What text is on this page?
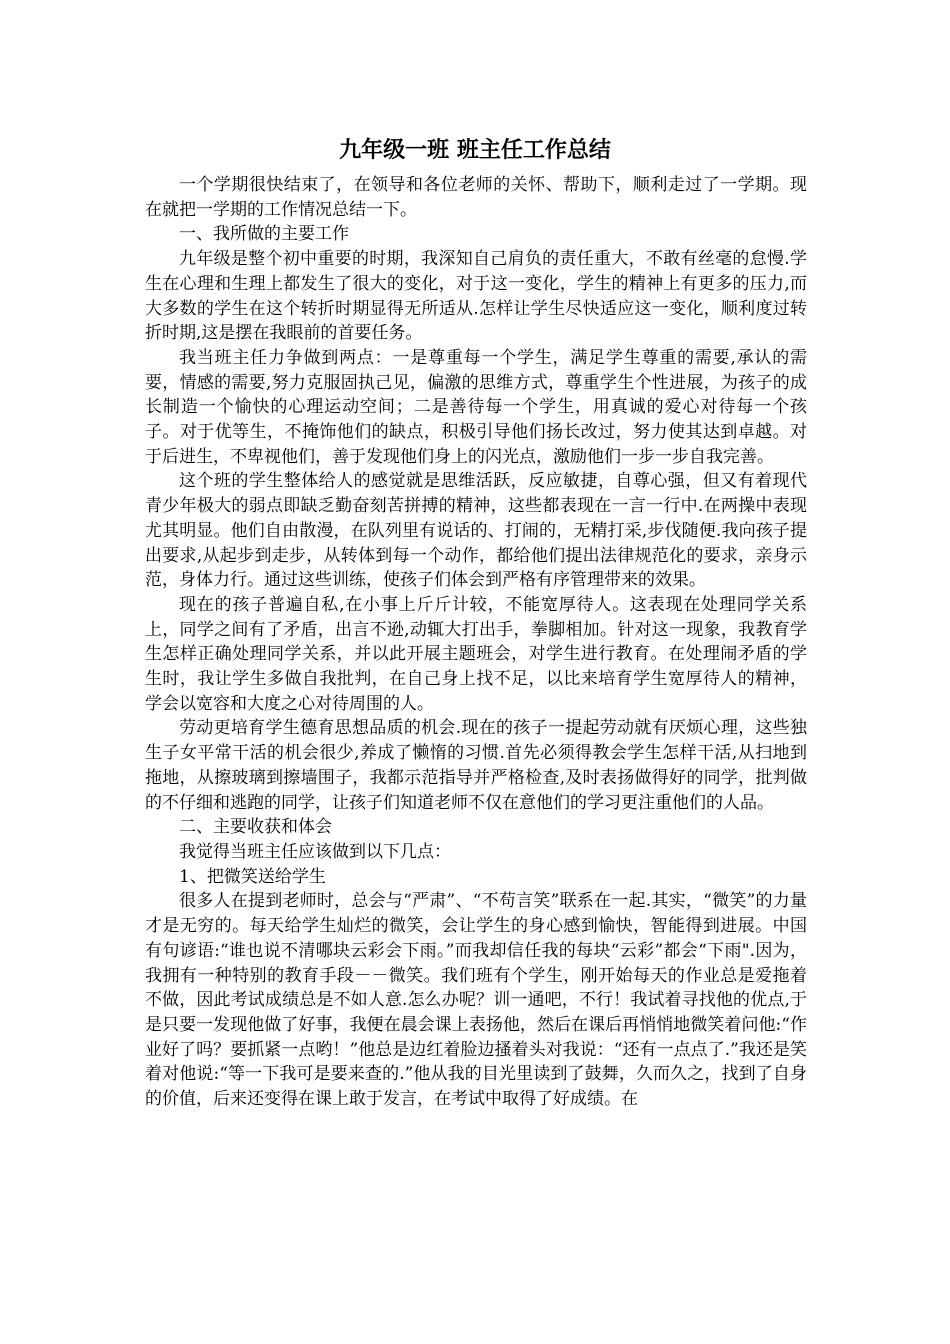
九年级一班 班主任工作总结

一个学期很快结束了，在领导和各位老师的关怀、帮助下，顺利走过了一学期。现在就把一学期的工作情况总结一下。

一、我所做的主要工作

九年级是整个初中重要的时期，我深知自己肩负的责任重大，不敢有丝毫的怠慢.学生在心理和生理上都发生了很大的变化，对于这一变化，学生的精神上有更多的压力,而大多数的学生在这个转折时期显得无所适从.怎样让学生尽快适应这一变化，顺利度过转折时期,这是摆在我眼前的首要任务。

我当班主任力争做到两点：一是尊重每一个学生，满足学生尊重的需要,承认的需要，情感的需要,努力克服固执己见，偏激的思维方式，尊重学生个性进展，为孩子的成长制造一个愉快的心理运动空间；二是善待每一个学生，用真诚的爱心对待每一个孩子。对于优等生，不掩饰他们的缺点，积极引导他们扬长改过，努力使其达到卓越。对于后进生，不卑视他们，善于发现他们身上的闪光点，激励他们一步一步自我完善。

这个班的学生整体给人的感觉就是思维活跃，反应敏捷，自尊心强，但又有着现代青少年极大的弱点即缺乏勤奋刻苦拼搏的精神，这些都表现在一言一行中.在两操中表现尤其明显。他们自由散漫，在队列里有说话的、打闹的，无精打采,步伐随便.我向孩子提出要求,从起步到走步，从转体到每一个动作，都给他们提出法律规范化的要求，亲身示范，身体力行。通过这些训练，使孩子们体会到严格有序管理带来的效果。

现在的孩子普遍自私,在小事上斤斤计较，不能宽厚待人。这表现在处理同学关系上，同学之间有了矛盾，出言不逊,动辄大打出手，拳脚相加。针对这一现象，我教育学生怎样正确处理同学关系，并以此开展主题班会，对学生进行教育。在处理闹矛盾的学生时，我让学生多做自我批判，在自己身上找不足，以比来培育学生宽厚待人的精神，学会以宽容和大度之心对待周围的人。

劳动更培育学生德育思想品质的机会.现在的孩子一提起劳动就有厌烦心理，这些独生子女平常干活的机会很少,养成了懒惰的习惯.首先必须得教会学生怎样干活,从扫地到拖地，从擦玻璃到擦墙围子，我都示范指导并严格检查,及时表扬做得好的同学，批判做的不仔细和逃跑的同学，让孩子们知道老师不仅在意他们的学习更注重他们的人品。

二、主要收获和体会

我觉得当班主任应该做到以下几点：

1、把微笑送给学生

很多人在提到老师时，总会与“严肃”、“不苟言笑”联系在一起.其实，“微笑”的力量才是无穷的。每天给学生灿烂的微笑，会让学生的身心感到愉快，智能得到进展。中国有句谚语:“谁也说不清哪块云彩会下雨。”而我却信任我的每块“云彩”都会“下雨".因为，我拥有一种特别的教育手段－－微笑。我们班有个学生，刚开始每天的作业总是爱拖着不做，因此考试成绩总是不如人意.怎么办呢？训一通吧，不行！我试着寻找他的优点,于是只要一发现他做了好事，我便在晨会课上表扬他，然后在课后再悄悄地微笑着问他:“作业好了吗？要抓紧一点哟！”他总是边红着脸边搔着头对我说：“还有一点点了.”我还是笑着对他说:“等一下我可是要来查的.”他从我的目光里读到了鼓舞，久而久之，找到了自身的价值，后来还变得在课上敢于发言，在考试中取得了好成绩。在
